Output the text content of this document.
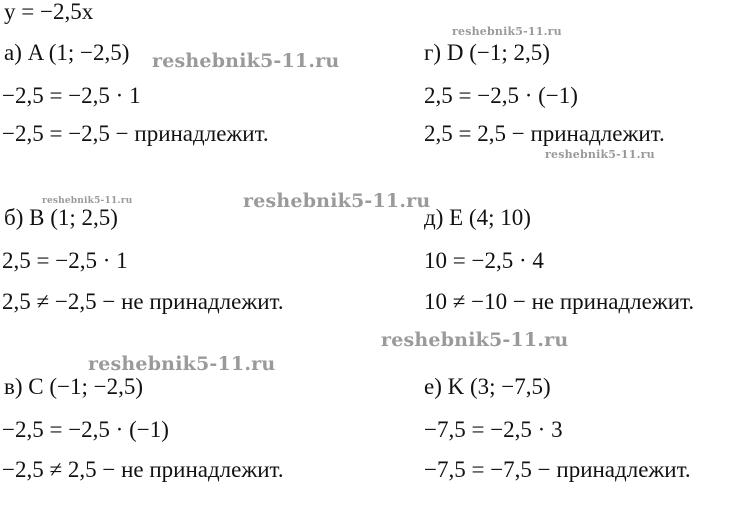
y = −2,5x
а) A (1; −2,5)
−2,5 = −2,5 · 1
−2,5 = −2,5 − принадлежит.
б) B (1; 2,5)
2,5 = −2,5 · 1
2,5 ≠ −2,5 − не принадлежит.
в) C (−1; −2,5)
−2,5 = −2,5 · (−1)
−2,5 ≠ 2,5 − не принадлежит.
г) D (−1; 2,5)
2,5 = −2,5 · (−1)
2,5 = 2,5 − принадлежит.
д) E (4; 10)
10 = −2,5 · 4
10 ≠ −10 − не принадлежит.
е) K (3; −7,5)
−7,5 = −2,5 · 3
−7,5 = −7,5 − принадлежит.
reshebnik5-11.ru
reshebnik5-11.ru
reshebnik5-11.ru
reshebnik5-11.ru	reshebnik5-11.ru
reshebnik5-11.ru
reshebnik5-11.ru
